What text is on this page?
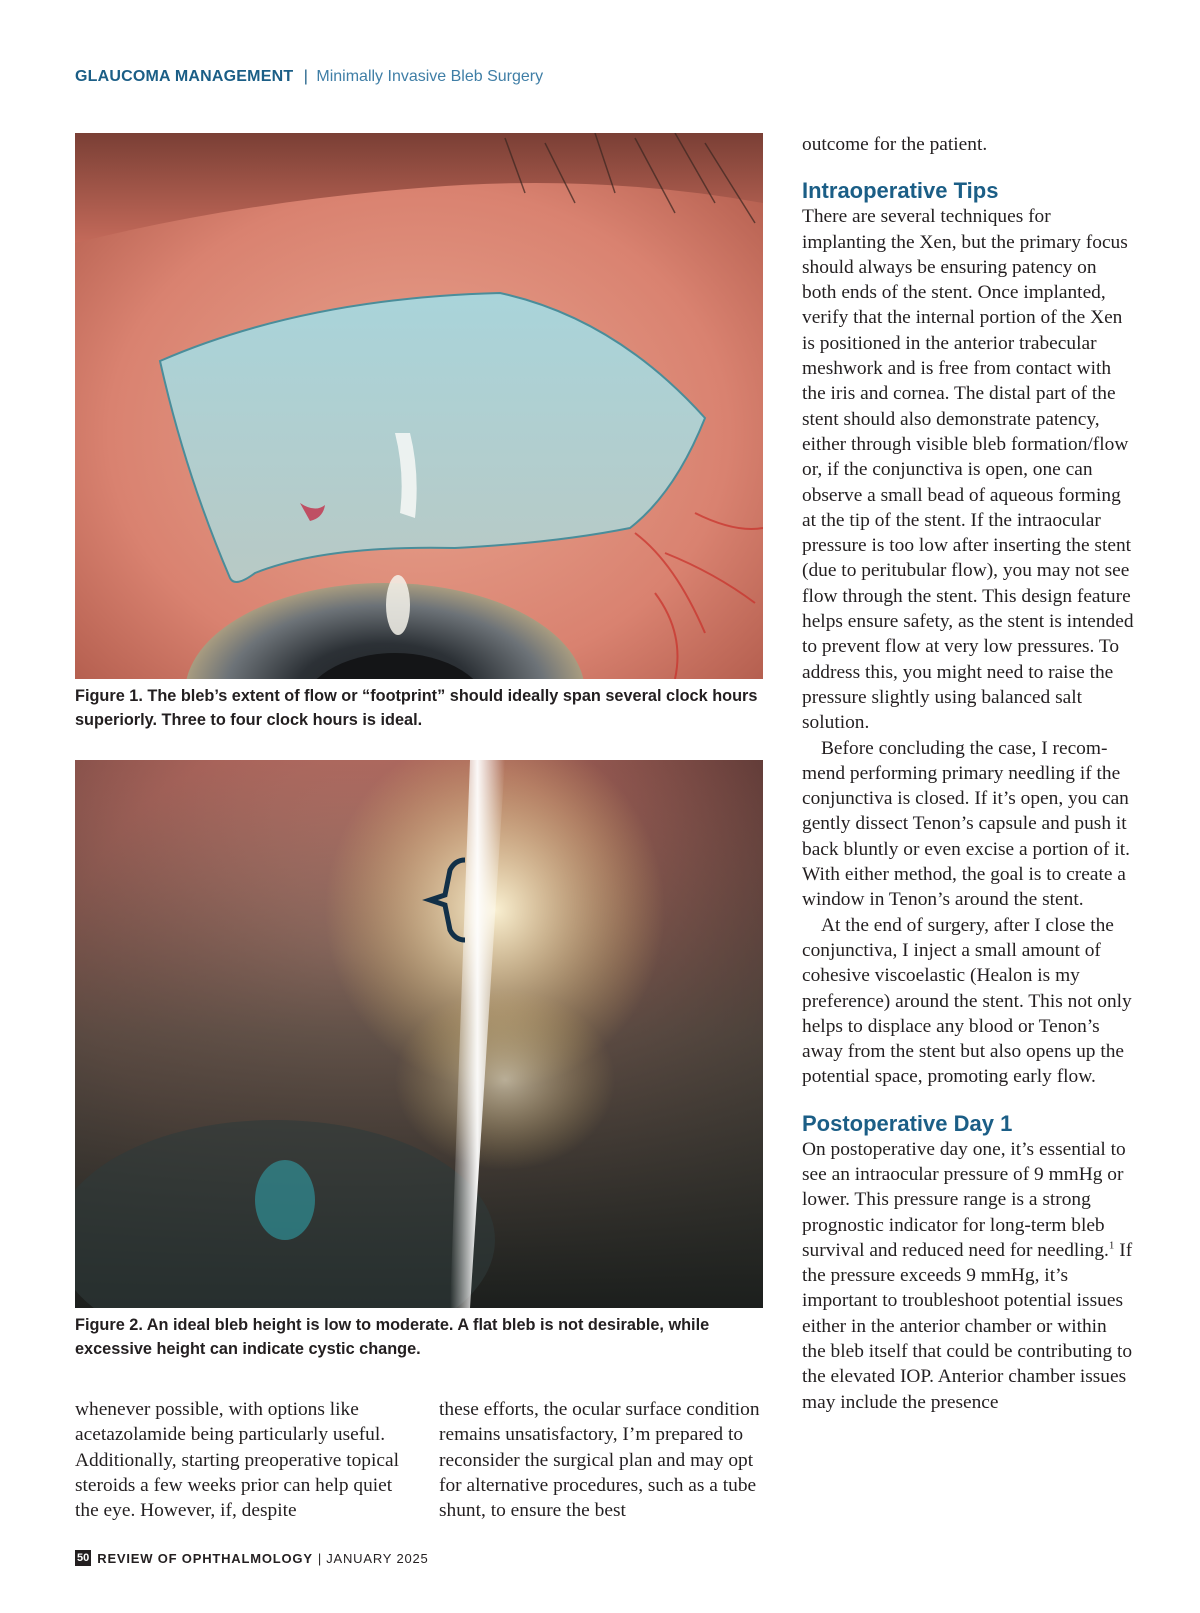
GLAUCOMA MANAGEMENT | Minimally Invasive Bleb Surgery
Figure 1. The bleb’s extent of flow or “footprint” should ideally span several clock hours superiorly. Three to four clock hours is ideal.
Figure 2. An ideal bleb height is low to moderate. A flat bleb is not desirable, while excessive height can indicate cystic change.

whenever possible, with options like acetazolamide being particularly useful. Additionally, starting preoperative topical steroids a few weeks prior can help quiet the eye. However, if, despite

these efforts, the ocular surface condition remains unsatisfactory, I’m prepared to reconsider the surgical plan and may opt for alternative procedures, such as a tube shunt, to ensure the best

outcome for the patient.

Intraoperative Tips

There are several techniques for implanting the Xen, but the primary focus should always be ensuring patency on both ends of the stent. Once implanted, verify that the internal portion of the Xen is positioned in the anterior trabecular meshwork and is free from contact with the iris and cornea. The distal part of the stent should also demonstrate patency, either through visible bleb formation/flow or, if the conjunctiva is open, one can observe a small bead of aqueous forming at the tip of the stent. If the intraocular pressure is too low after inserting the stent (due to peritubular flow), you may not see flow through the stent. This design feature helps ensure safety, as the stent is intended to prevent flow at very low pressures. To address this, you might need to raise the pressure slightly using balanced salt solution.

Before concluding the case, I recommend performing primary needling if the conjunctiva is closed. If it’s open, you can gently dissect Tenon’s capsule and push it back bluntly or even excise a portion of it. With either method, the goal is to create a window in Tenon’s around the stent.

At the end of surgery, after I close the conjunctiva, I inject a small amount of cohesive viscoelastic (Healon is my preference) around the stent. This not only helps to displace any blood or Tenon’s away from the stent but also opens up the potential space, promoting early flow.

Postoperative Day 1

On postoperative day one, it’s essential to see an intraocular pressure of 9 mmHg or lower. This pressure range is a strong prognostic indicator for long-term bleb survival and reduced need for needling.$^1$ If the pressure exceeds 9 mmHg, it’s important to troubleshoot potential issues either in the anterior chamber or within the bleb itself that could be contributing to the elevated IOP. Anterior chamber issues may include the presence

50 REVIEW OF OPHTHALMOLOGY | JANUARY 2025
